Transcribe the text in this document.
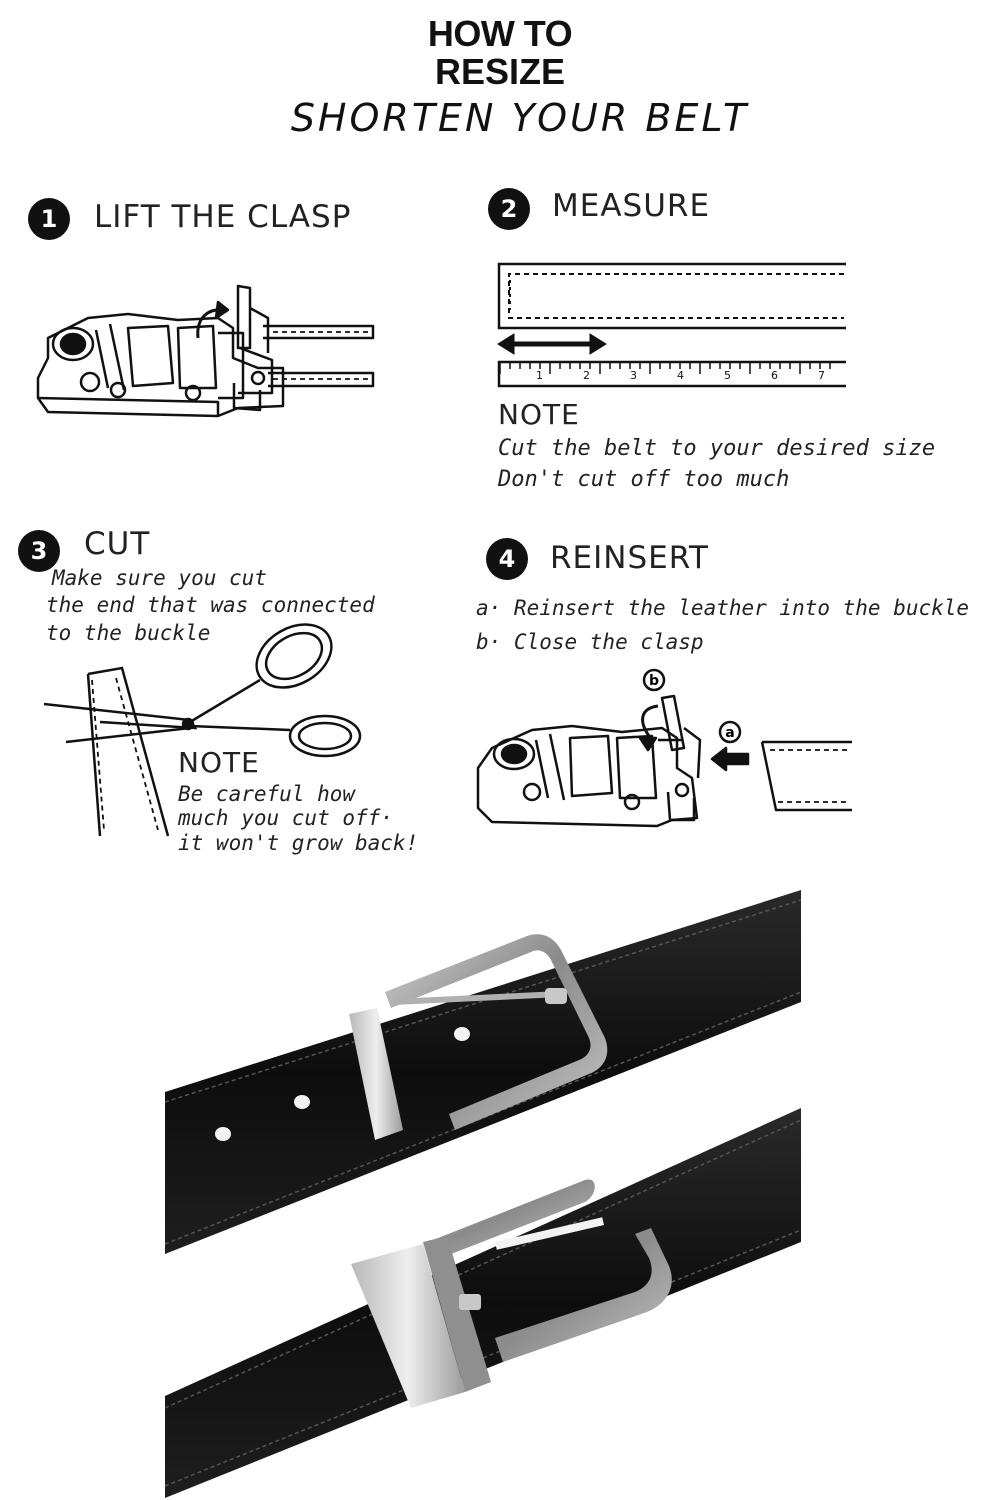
HOW TO
RESIZE
SHORTEN YOUR BELT
1	LIFT THE CLASP	2	MEASURE
1	2	3	4	5	6	7
NOTE
Cut the belt to your desired size
Don't cut off too much
3	CUT
Make sure you cut
the end that was connected
to the buckle
NOTE
Be careful how
much you cut off·
it won't grow back!
4	REINSERT
a· Reinsert the leather into the buckle
b· Close the clasp
b
a
